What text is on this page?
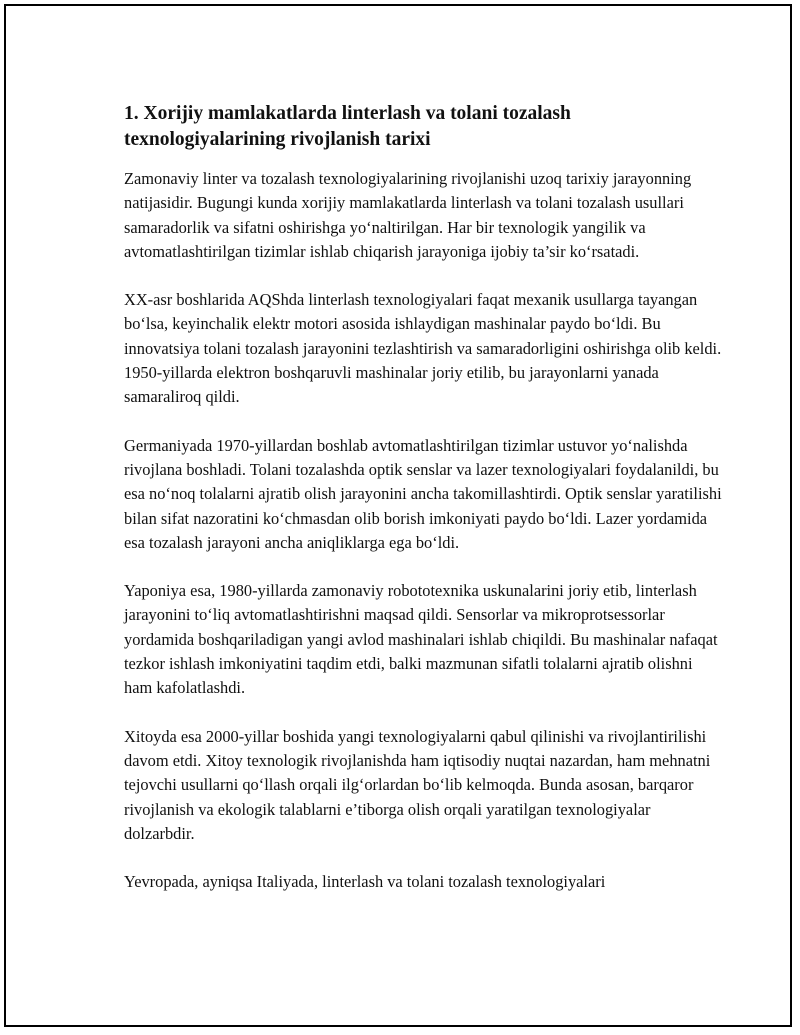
1. Xorijiy mamlakatlarda linterlash va tolani tozalash texnologiyalarining rivojlanish tarixi

Zamonaviy linter va tozalash texnologiyalarining rivojlanishi uzoq tarixiy jarayonning natijasidir. Bugungi kunda xorijiy mamlakatlarda linterlash va tolani tozalash usullari samaradorlik va sifatni oshirishga yo‘naltirilgan. Har bir texnologik yangilik va avtomatlashtirilgan tizimlar ishlab chiqarish jarayoniga ijobiy ta’sir ko‘rsatadi.

XX-asr boshlarida AQShda linterlash texnologiyalari faqat mexanik usullarga tayangan bo‘lsa, keyinchalik elektr motori asosida ishlaydigan mashinalar paydo bo‘ldi. Bu innovatsiya tolani tozalash jarayonini tezlashtirish va samaradorligini oshirishga olib keldi. 1950-yillarda elektron boshqaruvli mashinalar joriy etilib, bu jarayonlarni yanada samaraliroq qildi.

Germaniyada 1970-yillardan boshlab avtomatlashtirilgan tizimlar ustuvor yo‘nalishda rivojlana boshladi. Tolani tozalashda optik senslar va lazer texnologiyalari foydalanildi, bu esa no‘noq tolalarni ajratib olish jarayonini ancha takomillashtirdi. Optik senslar yaratilishi bilan sifat nazoratini ko‘chmasdan olib borish imkoniyati paydo bo‘ldi. Lazer yordamida esa tozalash jarayoni ancha aniqliklarga ega bo‘ldi.

Yaponiya esa, 1980-yillarda zamonaviy robototexnika uskunalarini joriy etib, linterlash jarayonini to‘liq avtomatlashtirishni maqsad qildi. Sensorlar va mikroprotsessorlar yordamida boshqariladigan yangi avlod mashinalari ishlab chiqildi. Bu mashinalar nafaqat tezkor ishlash imkoniyatini taqdim etdi, balki mazmunan sifatli tolalarni ajratib olishni ham kafolatlashdi.

Xitoyda esa 2000-yillar boshida yangi texnologiyalarni qabul qilinishi va rivojlantirilishi davom etdi. Xitoy texnologik rivojlanishda ham iqtisodiy nuqtai nazardan, ham mehnatni tejovchi usullarni qo‘llash orqali ilg‘orlardan bo‘lib kelmoqda. Bunda asosan, barqaror rivojlanish va ekologik talablarni e’tiborga olish orqali yaratilgan texnologiyalar dolzarbdir.

Yevropada, ayniqsa Italiyada, linterlash va tolani tozalash texnologiyalari
